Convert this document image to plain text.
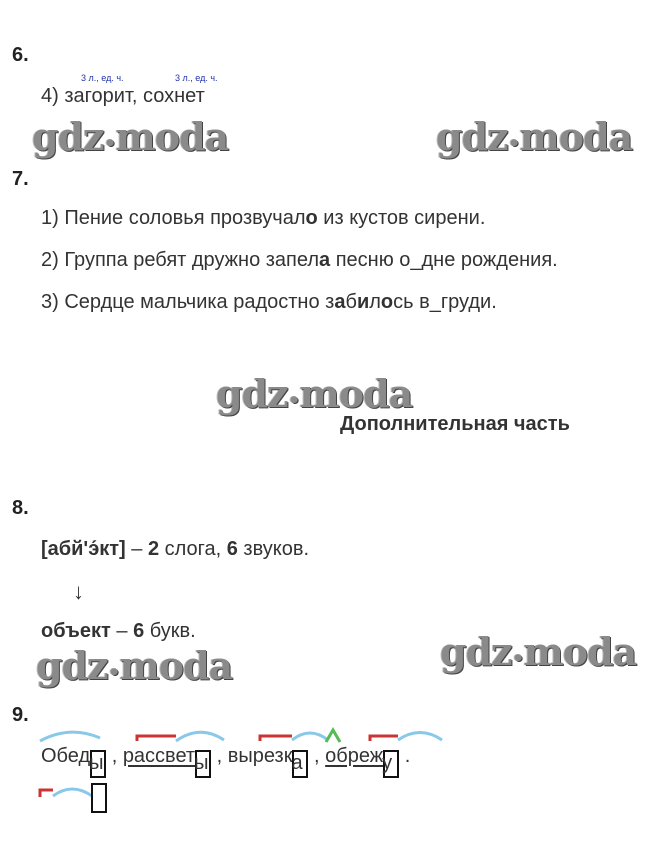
6.
3 л., ед. ч.	3 л., ед. ч.
4) загорит, сохнет
gdz•moda	gdz•moda
7.
1) Пение соловья прозвучало из кустов сирени.
2) Группа ребят дружно запела песню о_дне рождения.
3) Сердце мальчика радостно забилось в_груди.
gdz•moda
Дополнительная часть
8.
[абй'э́кт] – 2 слога, 6 звуков.
↓
объект – 6 букв.
gdz•moda	gdz•moda
9.
Обеды , рассветы , вырезка , обрежу .
